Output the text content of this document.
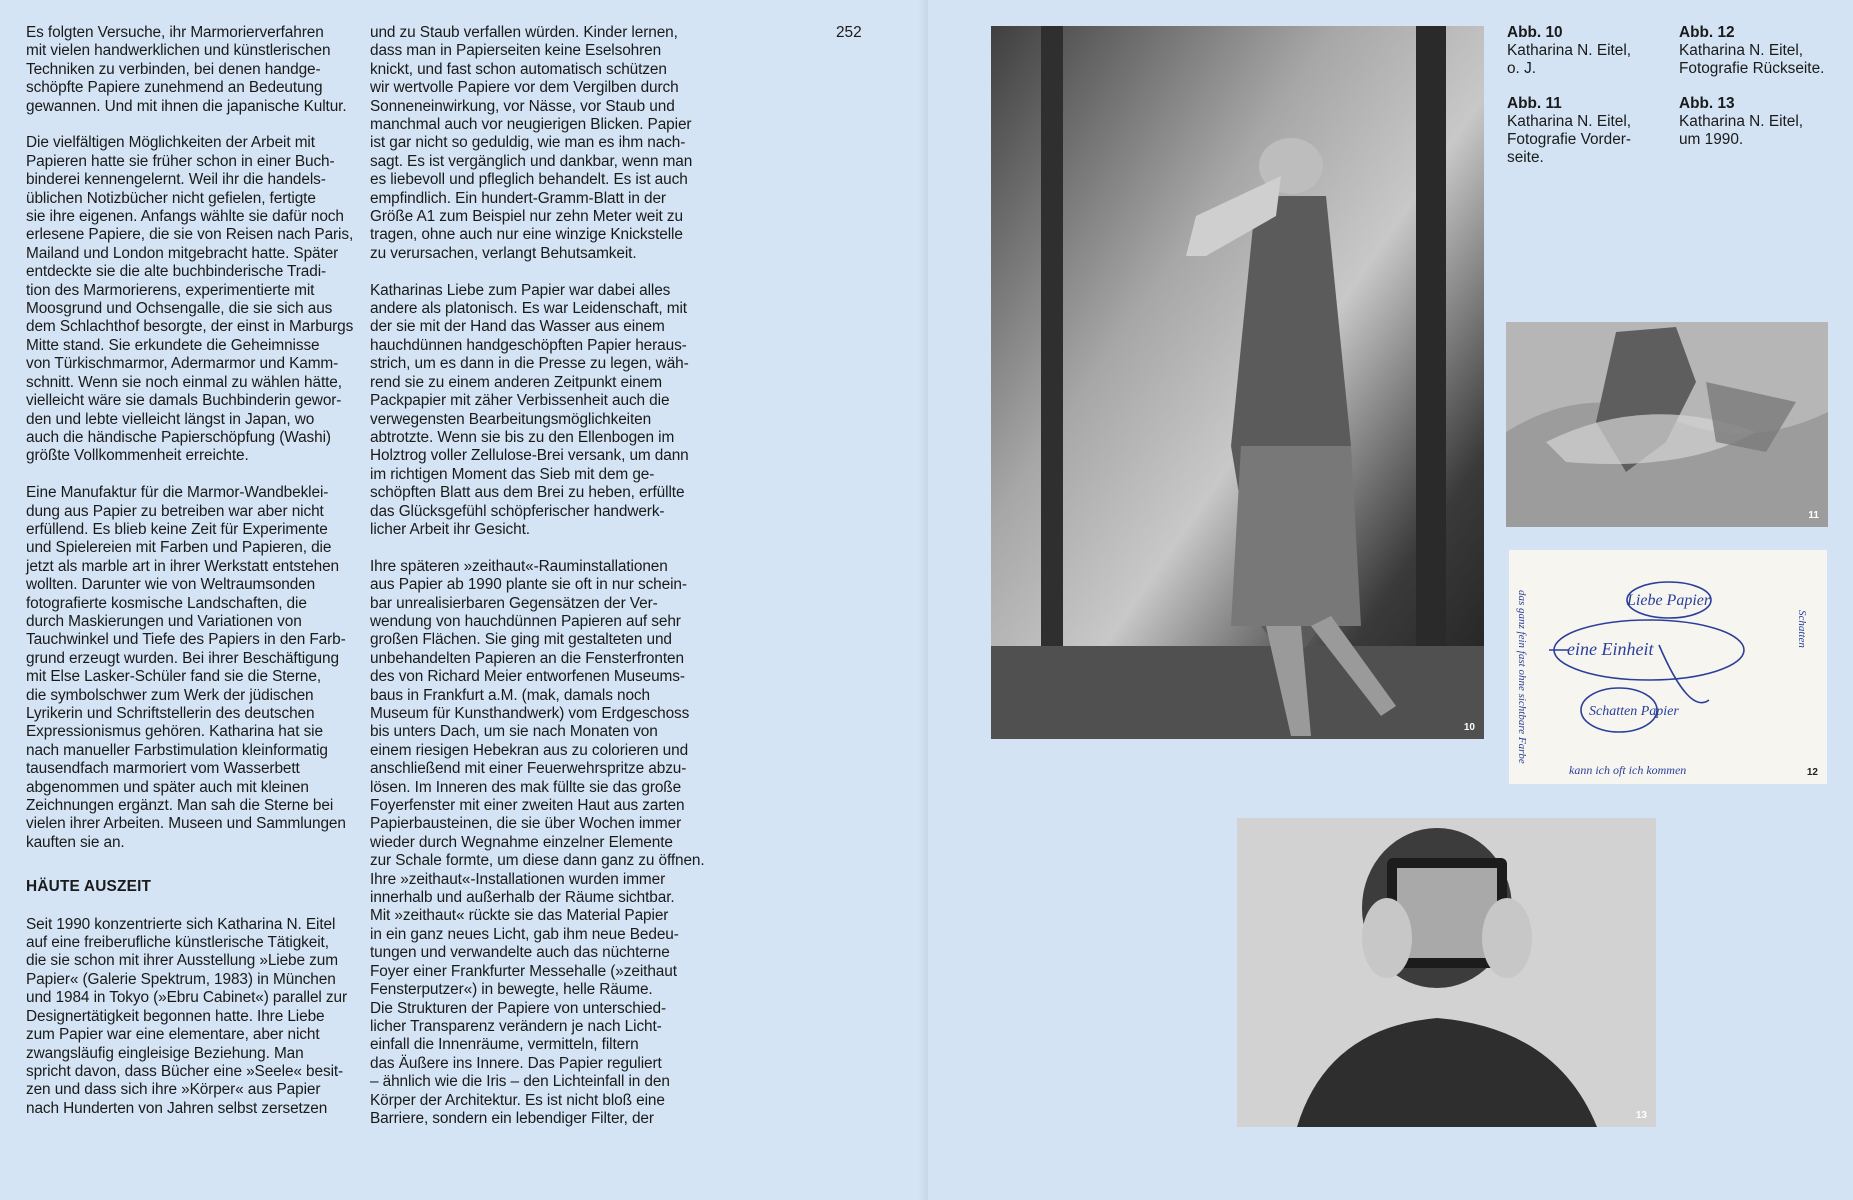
Es folgten Versuche, ihr Marmorierverfahren
mit vielen handwerklichen und künstlerischen
Techniken zu verbinden, bei denen handge-
schöpfte Papiere zunehmend an Bedeutung
gewannen. Und mit ihnen die japanische Kultur.

Die vielfältigen Möglichkeiten der Arbeit mit
Papieren hatte sie früher schon in einer Buch-
binderei kennengelernt. Weil ihr die handels-
üblichen Notizbücher nicht gefielen, fertigte
sie ihre eigenen. Anfangs wählte sie dafür noch
erlesene Papiere, die sie von Reisen nach Paris,
Mailand und London mitgebracht hatte. Später
entdeckte sie die alte buchbinderische Tradi-
tion des Marmorierens, experimentierte mit
Moosgrund und Ochsengalle, die sie sich aus
dem Schlachthof besorgte, der einst in Marburgs
Mitte stand. Sie erkundete die Geheimnisse
von Türkischmarmor, Adermarmor und Kamm-
schnitt. Wenn sie noch einmal zu wählen hätte,
vielleicht wäre sie damals Buchbinderin gewor-
den und lebte vielleicht längst in Japan, wo
auch die händische Papierschöpfung (Washi)
größte Vollkommenheit erreichte.

Eine Manufaktur für die Marmor-Wandbeklei-
dung aus Papier zu betreiben war aber nicht
erfüllend. Es blieb keine Zeit für Experimente
und Spielereien mit Farben und Papieren, die
jetzt als marble art in ihrer Werkstatt entstehen
wollten. Darunter wie von Weltraumsonden
fotografierte kosmische Landschaften, die
durch Maskierungen und Variationen von
Tauchwinkel und Tiefe des Papiers in den Farb-
grund erzeugt wurden. Bei ihrer Beschäftigung
mit Else Lasker-Schüler fand sie die Sterne,
die symbolschwer zum Werk der jüdischen
Lyrikerin und Schriftstellerin des deutschen
Expressionismus gehören. Katharina hat sie
nach manueller Farbstimulation kleinformatig
tausendfach marmoriert vom Wasserbett
abgenommen und später auch mit kleinen
Zeichnungen ergänzt. Man sah die Sterne bei
vielen ihrer Arbeiten. Museen und Sammlungen
kauften sie an.

HÄUTE AUSZEIT

Seit 1990 konzentrierte sich Katharina N. Eitel
auf eine freiberufliche künstlerische Tätigkeit,
die sie schon mit ihrer Ausstellung »Liebe zum
Papier« (Galerie Spektrum, 1983) in München
und 1984 in Tokyo (»Ebru Cabinet«) parallel zur
Designertätigkeit begonnen hatte. Ihre Liebe
zum Papier war eine elementare, aber nicht
zwangsläufig eingleisige Beziehung. Man
spricht davon, dass Bücher eine »Seele« besit-
zen und dass sich ihre »Körper« aus Papier
nach Hunderten von Jahren selbst zersetzen

und zu Staub verfallen würden. Kinder lernen,
dass man in Papierseiten keine Eselsohren
knickt, und fast schon automatisch schützen
wir wertvolle Papiere vor dem Vergilben durch
Sonneneinwirkung, vor Nässe, vor Staub und
manchmal auch vor neugierigen Blicken. Papier
ist gar nicht so geduldig, wie man es ihm nach-
sagt. Es ist vergänglich und dankbar, wenn man
es liebevoll und pfleglich behandelt. Es ist auch
empfindlich. Ein hundert-Gramm-Blatt in der
Größe A1 zum Beispiel nur zehn Meter weit zu
tragen, ohne auch nur eine winzige Knickstelle
zu verursachen, verlangt Behutsamkeit.

Katharinas Liebe zum Papier war dabei alles
andere als platonisch. Es war Leidenschaft, mit
der sie mit der Hand das Wasser aus einem
hauchdünnen handgeschöpften Papier heraus-
strich, um es dann in die Presse zu legen, wäh-
rend sie zu einem anderen Zeitpunkt einem
Packpapier mit zäher Verbissenheit auch die
verwegensten Bearbeitungsmöglichkeiten
abtrotzte. Wenn sie bis zu den Ellenbogen im
Holztrog voller Zellulose-Brei versank, um dann
im richtigen Moment das Sieb mit dem ge-
schöpften Blatt aus dem Brei zu heben, erfüllte
das Glücksgefühl schöpferischer handwerk-
licher Arbeit ihr Gesicht.

Ihre späteren »zeithaut«-Rauminstallationen
aus Papier ab 1990 plante sie oft in nur schein-
bar unrealisierbaren Gegensätzen der Ver-
wendung von hauchdünnen Papieren auf sehr
großen Flächen. Sie ging mit gestalteten und
unbehandelten Papieren an die Fensterfronten
des von Richard Meier entworfenen Museums-
baus in Frankfurt a.M. (mak, damals noch
Museum für Kunsthandwerk) vom Erdgeschoss
bis unters Dach, um sie nach Monaten von
einem riesigen Hebekran aus zu colorieren und
anschließend mit einer Feuerwehrspritze abzu-
lösen. Im Inneren des mak füllte sie das große
Foyerfenster mit einer zweiten Haut aus zarten
Papierbausteinen, die sie über Wochen immer
wieder durch Wegnahme einzelner Elemente
zur Schale formte, um diese dann ganz zu öffnen.
Ihre »zeithaut«-Installationen wurden immer
innerhalb und außerhalb der Räume sichtbar.
Mit »zeithaut« rückte sie das Material Papier
in ein ganz neues Licht, gab ihm neue Bedeu-
tungen und verwandelte auch das nüchterne
Foyer einer Frankfurter Messehalle (»zeithaut
Fensterputzer«) in bewegte, helle Räume.
Die Strukturen der Papiere von unterschied-
licher Transparenz verändern je nach Licht-
einfall die Innenräume, vermitteln, filtern
das Äußere ins Innere. Das Papier reguliert
– ähnlich wie die Iris – den Lichteinfall in den
Körper der Architektur. Es ist nicht bloß eine
Barriere, sondern ein lebendiger Filter, der

252
10
11
Liebe Papier
eine Einheit
Schatten Papier
Schatten
das ganz fein fast ohne sichtbare Farbe
kann ich oft ich kommen	12
13
Abb. 10
Katharina N. Eitel,
o. J.
Abb. 11
Katharina N. Eitel,
Fotografie Vorder-
seite.
Abb. 12
Katharina N. Eitel,
Fotografie Rückseite.
Abb. 13
Katharina N. Eitel,
um 1990.
